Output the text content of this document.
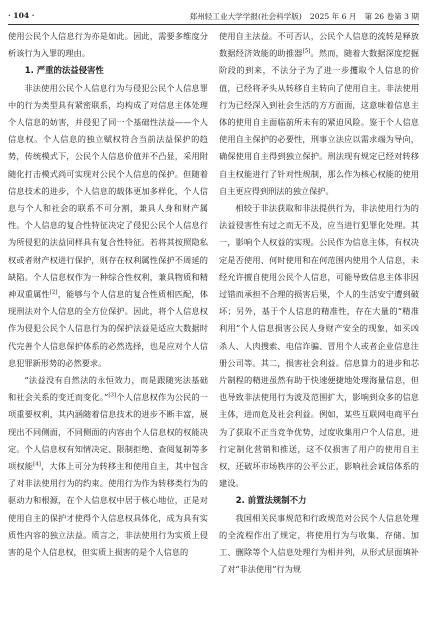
· 104 ·	郑州轻工业大学学报(社会科学版) 2025 年 6 月 第 26 卷第 3 期

使用公民个人信息行为亦是如此。因此，需要多维度分析该行为入罪的理由。

1. 严重的法益侵害性

非法使用公民个人信息行为与侵犯公民个人信息罪中的行为类型具有紧密联系，均构成了对信息主体处理个人信息的妨害，并侵犯了同一个基础性法益——个人信息权。个人信息的独立赋权符合当前法益保护的趋势，传统模式下，公民个人信息价值并不凸显，采用附随化打击模式尚可实现对公民个人信息的保护。但随着信息技术的进步，个人信息的载体更加多样化，个人信息与个人和社会的联系不可分割，兼具人身和财产属性。个人信息的复合性特征决定了侵犯公民个人信息行为所侵犯的法益同样具有复合性特征。若将其按照隐私权或者财产权进行保护，则存在权利属性保护不周延的缺陷。个人信息权作为一种综合性权利，兼具物质和精神双重属性[2]，能够与个人信息的复合性质相匹配，体现刑法对个人信息的全方位保护。因此，将个人信息权作为侵犯公民个人信息行为的保护法益是适应大数据时代完善个人信息保护体系的必然选择，也是应对个人信息犯罪新形势的必然要求。

“法益没有自然法的永恒效力，而是跟随宪法基础和社会关系的变迁而变化。”[3]个人信息权作为公民的一项重要权利，其内涵随着信息技术的进步不断丰富，展现出不同侧面，不同侧面的内容由个人信息权的权能决定。个人信息权有知情决定、限制拒绝、查阅复制等多项权能[4]，大体上可分为转移主和使用自主，其中包含了对非法使用行为的约束。使用行为作为转移类行为的驱动力和根源，在个人信息权中居于核心地位，正是对使用自主的保护才使得个人信息权具体化，成为具有实质性内容的独立法益。质言之，非法使用行为实质上侵害的是个人信息权，但实质上损害的是个人信息的

使用自主法益。不可否认，公民个人信息的流转是释放数据经济效能的助推器[5]。然而，随着大数据深度挖掘阶段的到来，不法分子为了进一步攫取个人信息的价值，已经将矛头从转移自主转向了使用自主。非法使用行为已经深入到社会生活的方方面面，这意味着信息主体的使用自主面临前所未有的紧迫风险。鉴于个人信息使用自主保护的必要性，刑事立法应以需求端为导向，确保使用自主得到独立保护。刑法现有规定已经对转移自主权能进行了针对性规制，那么作为核心权能的使用自主更应得到刑法的独立保护。

相较于非法获取和非法提供行为，非法使用行为的法益侵害性有过之而无不及，应当进行犯罪化处理。其一，影响个人权益的实现。公民作为信息主体，有权决定是否使用、何时使用和在何范围内使用个人信息，未经允许擅自使用公民个人信息，可能导致信息主体非因过错而承担不合理的损害后果，个人的生活安宁遭到破坏；另外，基于个人信息的精准性，存在大量的“精准利用”个人信息损害公民人身财产安全的现象，如买凶杀人、人肉搜索、电信诈骗、冒用个人或者企业信息注册公司等。其二，损害社会利益。信息算力的进步和芯片制程的精进虽然有助于快速便捷地处理海量信息，但也导致非法使用行为波及范围扩大，影响到众多的信息主体，进而危及社会利益。例如，某些互联网电商平台为了获取不正当竞争优势，过度收集用户个人信息，进行定制化营销和推送，这不仅损害了用户的使用自主权，还破坏市场秩序的公平公正，影响社会诚信体系的建设。

2. 前置法规制不力

我国相关民事规范和行政规范对公民个人信息处理的全流程作出了规定，将使用行为与收集、存储、加工、删除等个人信息处理行为相并列，从形式层面填补了对“非法使用”行为规
